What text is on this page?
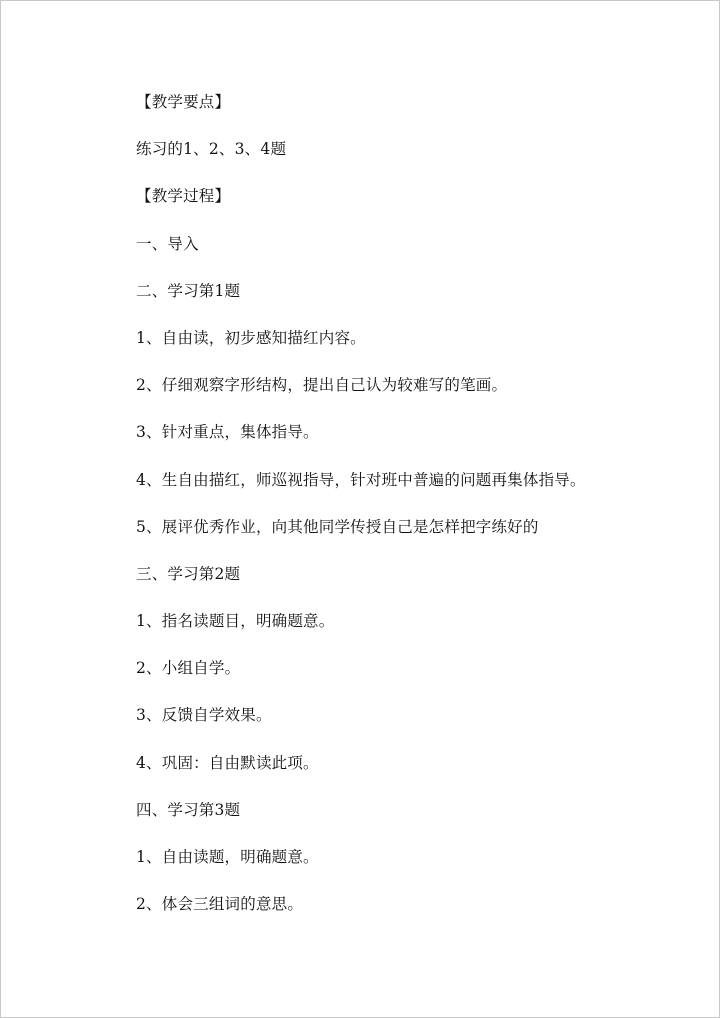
【教学要点】
练习的1、2、3、4题
【教学过程】
一、导入
二、学习第1题
1、自由读，初步感知描红内容。
2、仔细观察字形结构，提出自己认为较难写的笔画。
3、针对重点，集体指导。
4、生自由描红，师巡视指导，针对班中普遍的问题再集体指导。
5、展评优秀作业，向其他同学传授自己是怎样把字练好的
三、学习第2题
1、指名读题目，明确题意。
2、小组自学。
3、反馈自学效果。
4、巩固：自由默读此项。
四、学习第3题
1、自由读题，明确题意。
2、体会三组词的意思。
